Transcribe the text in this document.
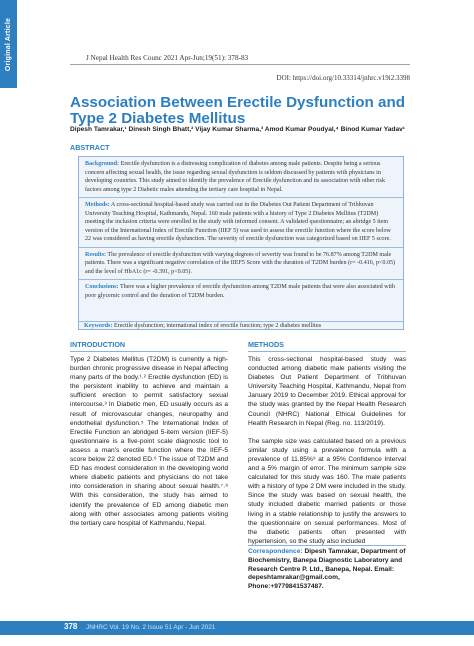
Original Article	J Nepal Health Res Counc 2021 Apr-Jun;19(51): 378-83
DOI: https://doi.org/10.33314/jnhrc.v19i2.3398
Association Between Erectile Dysfunction and Type 2 Diabetes Mellitus
Dipesh Tamrakar,¹ Dinesh Singh Bhatt,² Vijay Kumar Sharma,³ Amod Kumar Poudyal,⁴ Binod Kumar Yadav¹
ABSTRACT

Background: Erectile dysfunction is a distressing complication of diabetes among male patients. Despite being a serious concern affecting sexual health, the issue regarding sexual dysfunction is seldom discussed by patients with physicians in developing countries. This study aimed to identify the prevalence of Erectile dysfunction and its association with other risk factors among type 2 Diabetic males attending the tertiary care hospital in Nepal.

Methods: A cross-sectional hospital-based study was carried out in the Diabetes Out Patient Department of Tribhuvan University Teaching Hospital, Kathmandu, Nepal. 160 male patients with a history of Type 2 Diabetes Mellitus (T2DM) meeting the inclusion criteria were enrolled in the study with informed consent. A validated questionnaire; an abridge 5 item version of the International Index of Erectile Function (IIEF 5) was used to assess the erectile function where the score below 22 was considered as having erectile dysfunction. The severity of erectile dysfunction was categorized based on IIEF 5 score.

Results: The prevalence of erectile dysfunction with varying degrees of severity was found to be 76.87% among T2DM male patients. There was a significant negative correlation of the IIEF5 Score with the duration of T2DM burden (r= -0.416, p<0.05) and the level of HbA1c (r= -0.391, p<0.05).

Conclusions: There was a higher prevalence of erectile dysfunction among T2DM male patients that were also associated with poor glycemic control and the duration of T2DM burden.

Keywords: Erectile dysfunction; international index of erectile function; type 2 diabetes mellitus
INTRODUCTION

Type 2 Diabetes Mellitus (T2DM) is currently a high-burden chronic progressive disease in Nepal affecting many parts of the body.¹˒² Erectile dysfunction (ED) is the persistent inability to achieve and maintain a sufficient erection to permit satisfactory sexual intercourse.³ In Diabetic men, ED usually occurs as a result of microvascular changes, neuropathy and endothelial dysfunction.⁵ The International Index of Erectile Function an abridged 5-item version (IIEF-5) questionnaire is a five-point scale diagnostic tool to assess a man's erectile function where the IIEF-5 score below 22 denoted ED.⁶ The issue of T2DM and ED has modest consideration in the developing world where diabetic patients and physicians do not take into consideration in sharing about sexual health.⁷˒⁸ With this consideration, the study has aimed to identify the prevalence of ED among diabetic men along with other associates among patients visiting the tertiary care hospital of Kathmandu, Nepal.

METHODS

This cross-sectional hospital-based study was conducted among diabetic male patients visiting the Diabetes Out Patient Department of Tribhuvan University Teaching Hospital, Kathmandu, Nepal from January 2019 to December 2019. Ethical approval for the study was granted by the Nepal Health Research Council (NHRC) National Ethical Guidelines for Health Research in Nepal (Reg. no. 113/2019).

The sample size was calculated based on a previous similar study using a prevalence formula with a prevalence of 11.85%⁹ at a 95% Confidence Interval and a 5% margin of error. The minimum sample size calculated for this study was 160. The male patients with a history of type 2 DM were included in the study. Since the study was based on sexual health, the study included diabetic married patients or those living in a stable relationship to justify the answers to the questionnaire on sexual performances. Most of the diabetic patients often presented with hypertension, so the study also included

Correspondence: Dipesh Tamrakar, Department of Biochemistry, Banepa Diagnostic Laboratory and Research Centre P. Ltd., Banepa, Nepal. Email: depeshtamrakar@gmail.com, Phone:+9779841537487.
378 JNHRC Vol. 19 No. 2 Issue 51 Apr - Jun 2021
